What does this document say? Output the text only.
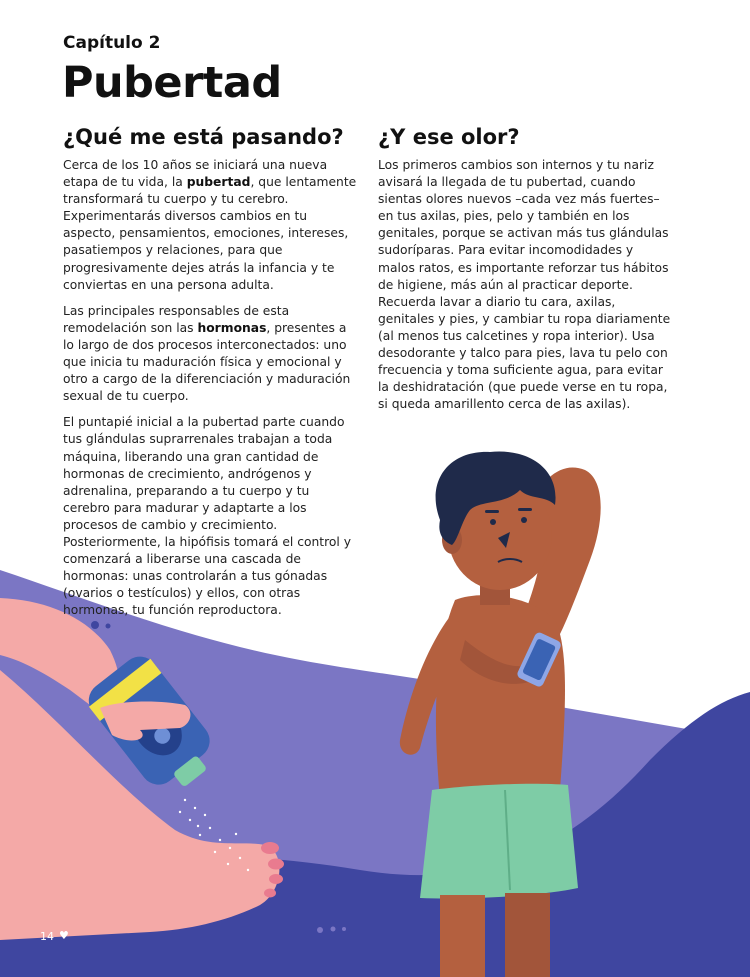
Capítulo 2
Pubertad
¿Qué me está pasando?

Cerca de los 10 años se iniciará una nueva etapa de tu vida, la pubertad, que lentamente transformará tu cuerpo y tu cerebro. Experimentarás diversos cambios en tu aspecto, pensamientos, emociones, intereses, pasatiempos y relaciones, para que progresivamente dejes atrás la infancia y te conviertas en una persona adulta.

Las principales responsables de esta remodelación son las hormonas, presentes a lo largo de dos procesos interconectados: uno que inicia tu maduración física y emocional y otro a cargo de la diferenciación y maduración sexual de tu cuerpo.

El puntapié inicial a la pubertad parte cuando tus glándulas suprarrenales trabajan a toda máquina, liberando una gran cantidad de hormonas de crecimiento, andrógenos y adrenalina, preparando a tu cuerpo y tu cerebro para madurar y adaptarte a los procesos de cambio y crecimiento. Posteriormente, la hipófisis tomará el control y comenzará a liberarse una cascada de hormonas: unas controlarán a tus gónadas (ovarios o testículos) y ellos, con otras hormonas, tu función reproductora.

¿Y ese olor?

Los primeros cambios son internos y tu nariz avisará la llegada de tu pubertad, cuando sientas olores nuevos –cada vez más fuertes– en tus axilas, pies, pelo y también en los genitales, porque se activan más tus glándulas sudoríparas. Para evitar incomodidades y malos ratos, es importante reforzar tus hábitos de higiene, más aún al practicar deporte. Recuerda lavar a diario tu cara, axilas, genitales y pies, y cambiar tu ropa diariamente (al menos tus calcetines y ropa interior). Usa desodorante y talco para pies, lava tu pelo con frecuencia y toma suficiente agua, para evitar la deshidratación (que puede verse en tu ropa, si queda amarillento cerca de las axilas).

14 ♥
